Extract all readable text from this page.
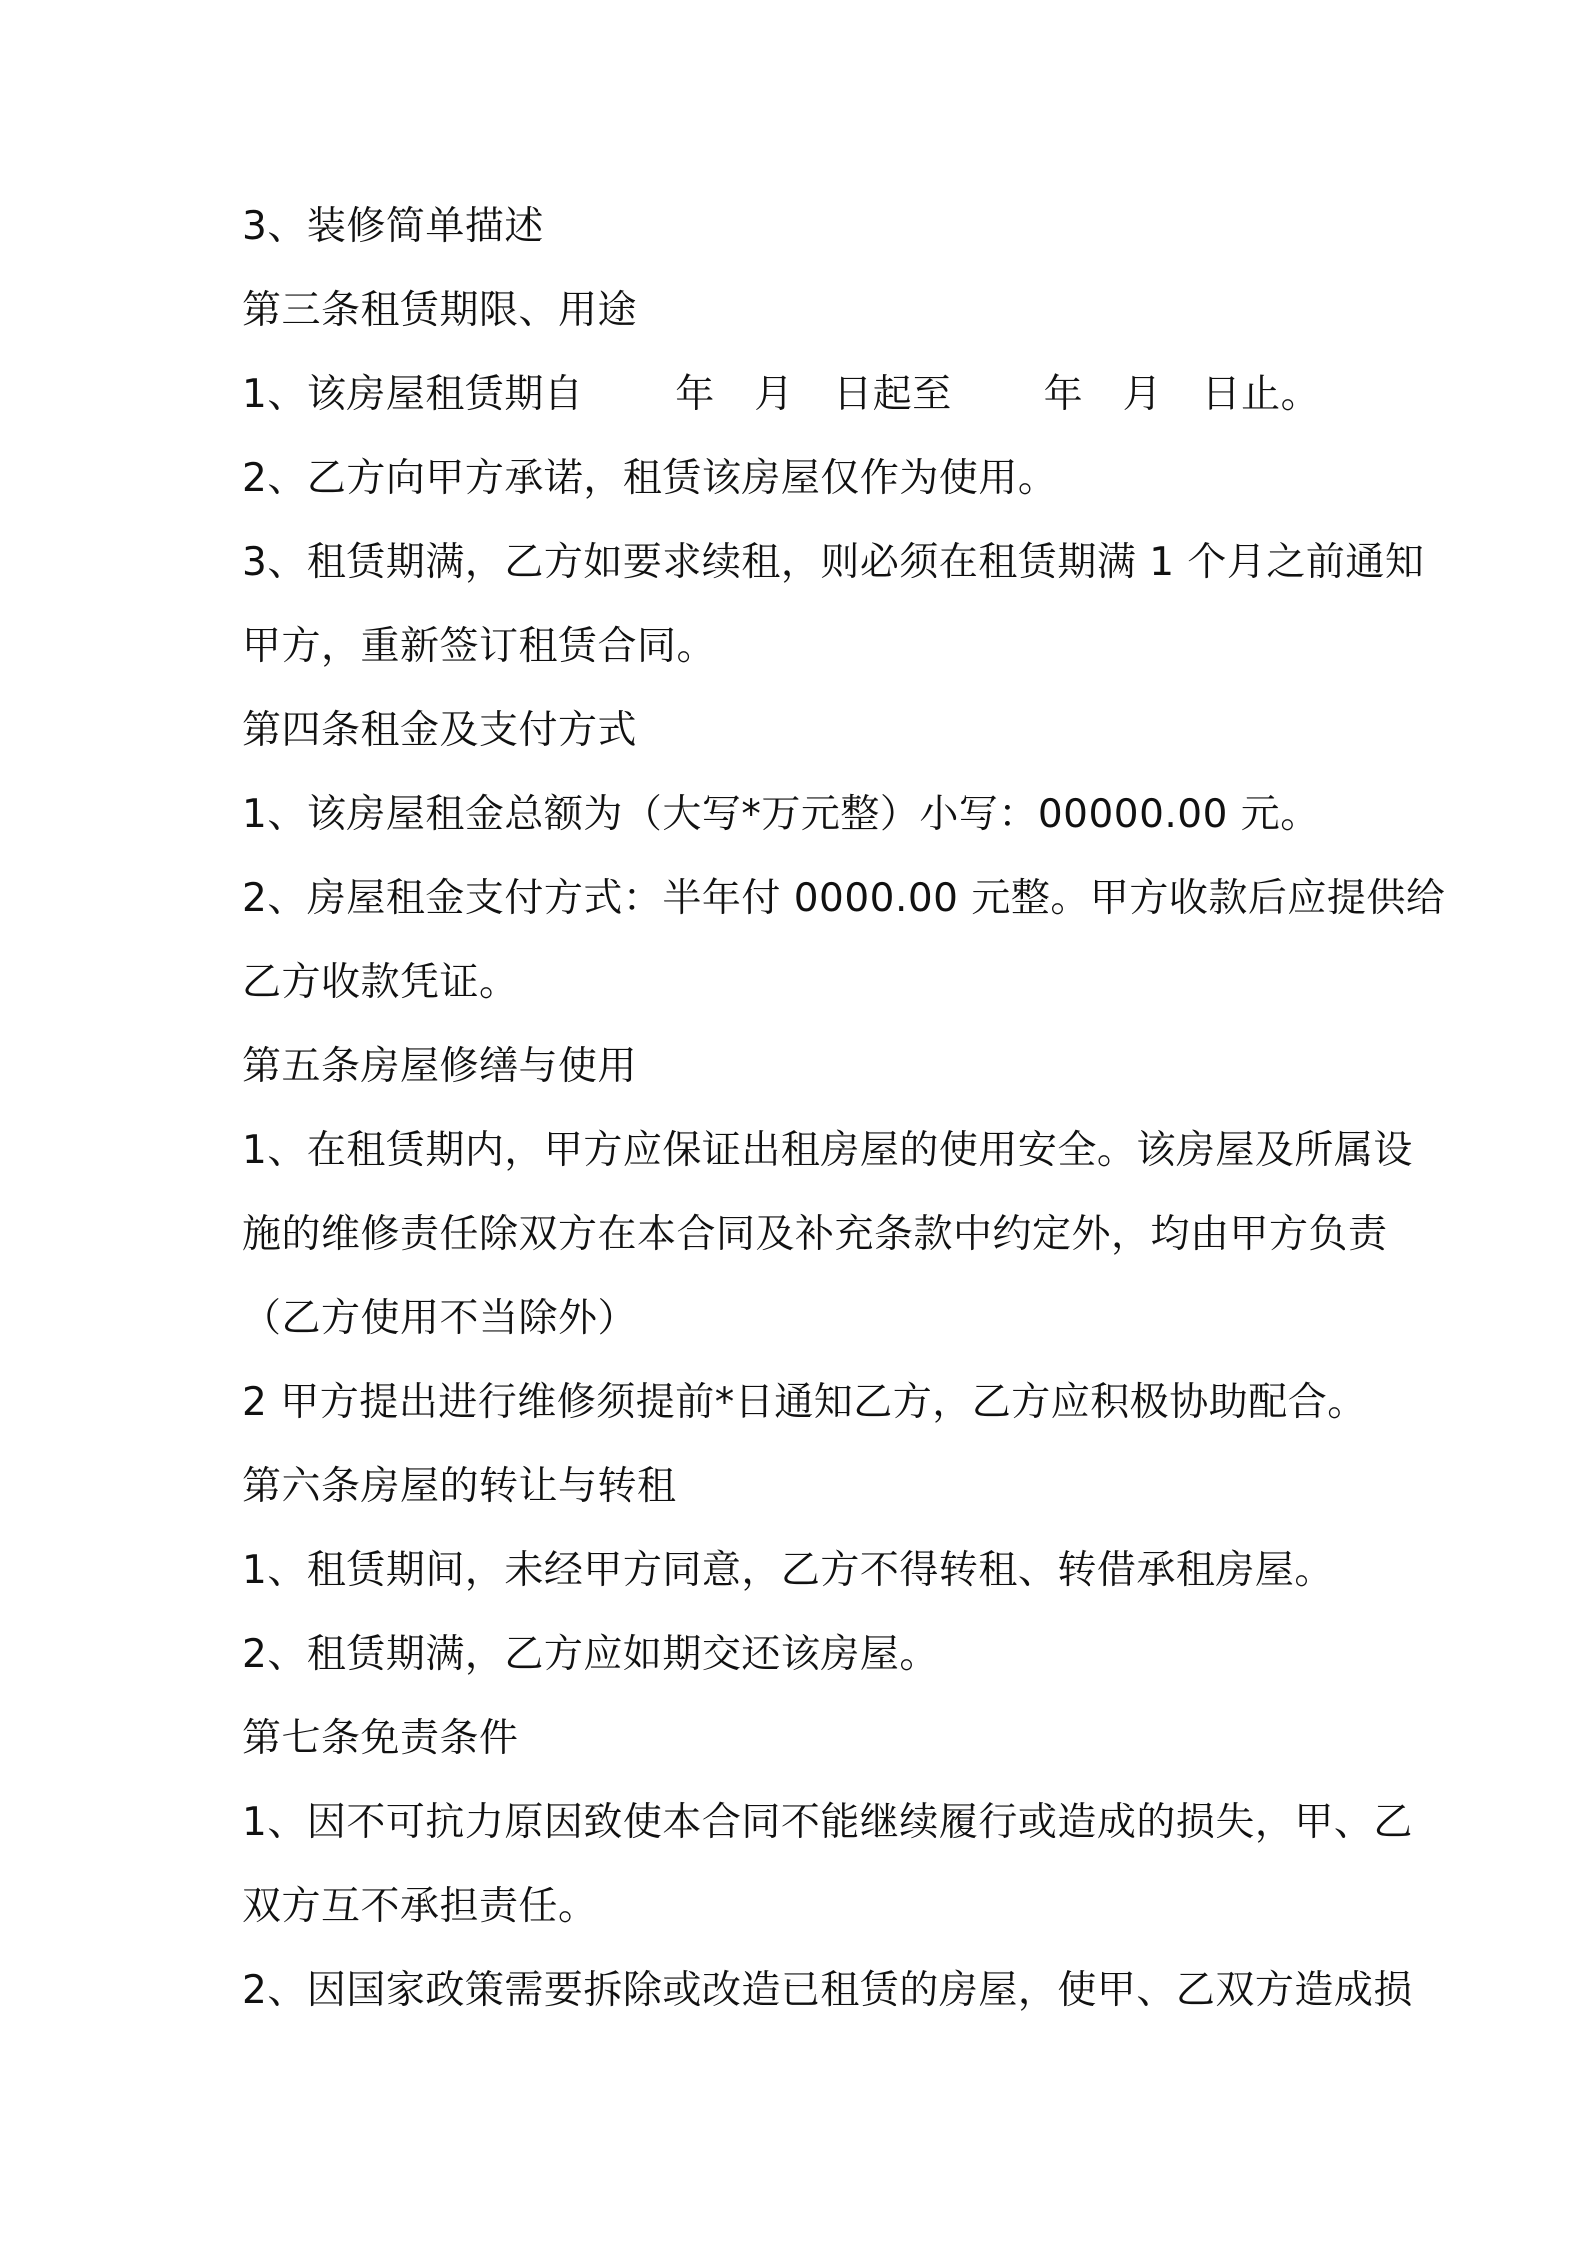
3、装修简单描述

第三条租赁期限、用途

1、该房屋租赁期自　　 年　月　日起至　　 年　月　日止。

2、乙方向甲方承诺，租赁该房屋仅作为使用。

3、租赁期满，乙方如要求续租，则必须在租赁期满 1 个月之前通知

甲方，重新签订租赁合同。

第四条租金及支付方式

1、该房屋租金总额为（大写*万元整）小写：00000.00 元。

2、房屋租金支付方式：半年付 0000.00 元整。甲方收款后应提供给

乙方收款凭证。

第五条房屋修缮与使用

1、在租赁期内，甲方应保证出租房屋的使用安全。该房屋及所属设

施的维修责任除双方在本合同及补充条款中约定外，均由甲方负责

（乙方使用不当除外）

2 甲方提出进行维修须提前*日通知乙方，乙方应积极协助配合。

第六条房屋的转让与转租

1、租赁期间，未经甲方同意，乙方不得转租、转借承租房屋。

2、租赁期满，乙方应如期交还该房屋。

第七条免责条件

1、因不可抗力原因致使本合同不能继续履行或造成的损失，甲、乙

双方互不承担责任。

2、因国家政策需要拆除或改造已租赁的房屋，使甲、乙双方造成损
